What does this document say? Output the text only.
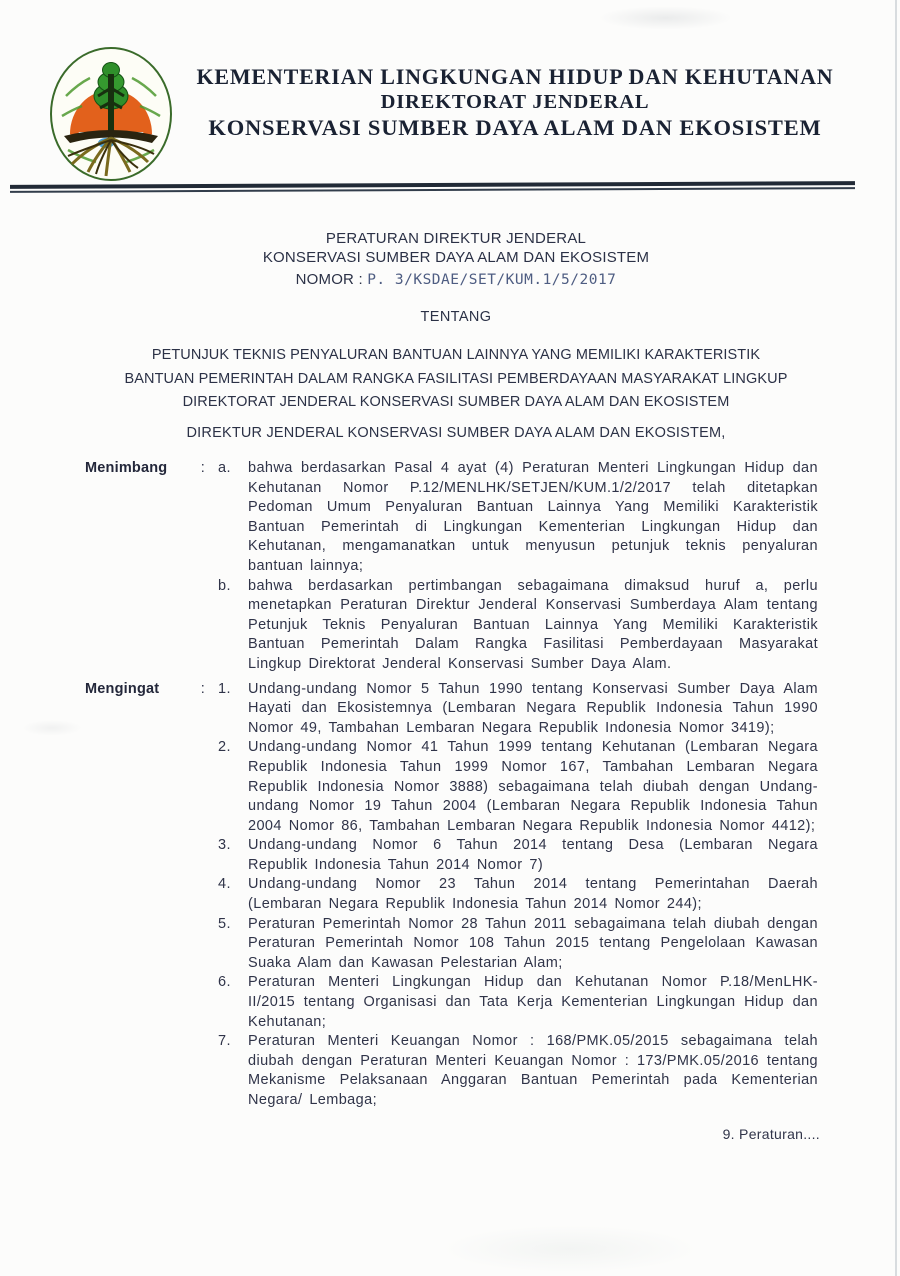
KEMENTERIAN LINGKUNGAN HIDUP DAN KEHUTANAN
DIREKTORAT JENDERAL
KONSERVASI SUMBER DAYA ALAM DAN EKOSISTEM
PERATURAN DIREKTUR JENDERAL
KONSERVASI SUMBER DAYA ALAM DAN EKOSISTEM
NOMOR : P. 3/KSDAE/SET/KUM.1/5/2017
TENTANG
PETUNJUK TEKNIS PENYALURAN BANTUAN LAINNYA YANG MEMILIKI KARAKTERISTIK
BANTUAN PEMERINTAH DALAM RANGKA FASILITASI PEMBERDAYAAN MASYARAKAT LINGKUP
DIREKTORAT JENDERAL KONSERVASI SUMBER DAYA ALAM DAN EKOSISTEM
DIREKTUR JENDERAL KONSERVASI SUMBER DAYA ALAM DAN EKOSISTEM,
Menimbang	: a.	bahwa berdasarkan Pasal 4 ayat (4) Peraturan Menteri Lingkungan Hidup dan Kehutanan Nomor P.12/MENLHK/SETJEN/KUM.1/2/2017 telah ditetapkan Pedoman Umum Penyaluran Bantuan Lainnya Yang Memiliki Karakteristik Bantuan Pemerintah di Lingkungan Kementerian Lingkungan Hidup dan Kehutanan, mengamanatkan untuk menyusun petunjuk teknis penyaluran bantuan lainnya;
b.	bahwa berdasarkan pertimbangan sebagaimana dimaksud huruf a, perlu menetapkan Peraturan Direktur Jenderal Konservasi Sumberdaya Alam tentang Petunjuk Teknis Penyaluran Bantuan Lainnya Yang Memiliki Karakteristik Bantuan Pemerintah Dalam Rangka Fasilitasi Pemberdayaan Masyarakat Lingkup Direktorat Jenderal Konservasi Sumber Daya Alam.
Mengingat	: 1.	Undang-undang Nomor 5 Tahun 1990 tentang Konservasi Sumber Daya Alam Hayati dan Ekosistemnya (Lembaran Negara Republik Indonesia Tahun 1990 Nomor 49, Tambahan Lembaran Negara Republik Indonesia Nomor 3419);
2.	Undang-undang Nomor 41 Tahun 1999 tentang Kehutanan (Lembaran Negara Republik Indonesia Tahun 1999 Nomor 167, Tambahan Lembaran Negara Republik Indonesia Nomor 3888) sebagaimana telah diubah dengan Undang-undang Nomor 19 Tahun 2004 (Lembaran Negara Republik Indonesia Tahun 2004 Nomor 86, Tambahan Lembaran Negara Republik Indonesia Nomor 4412);
3.	Undang-undang Nomor 6 Tahun 2014 tentang Desa (Lembaran Negara Republik Indonesia Tahun 2014 Nomor 7)
4.	Undang-undang Nomor 23 Tahun 2014 tentang Pemerintahan Daerah (Lembaran Negara Republik Indonesia Tahun 2014 Nomor 244);
5.	Peraturan Pemerintah Nomor 28 Tahun 2011 sebagaimana telah diubah dengan Peraturan Pemerintah Nomor 108 Tahun 2015 tentang Pengelolaan Kawasan Suaka Alam dan Kawasan Pelestarian Alam;
6.	Peraturan Menteri Lingkungan Hidup dan Kehutanan Nomor P.18/MenLHK-II/2015 tentang Organisasi dan Tata Kerja Kementerian Lingkungan Hidup dan Kehutanan;
7.	Peraturan Menteri Keuangan Nomor : 168/PMK.05/2015 sebagaimana telah diubah dengan Peraturan Menteri Keuangan Nomor : 173/PMK.05/2016 tentang Mekanisme Pelaksanaan Anggaran Bantuan Pemerintah pada Kementerian Negara/ Lembaga;
9. Peraturan....
